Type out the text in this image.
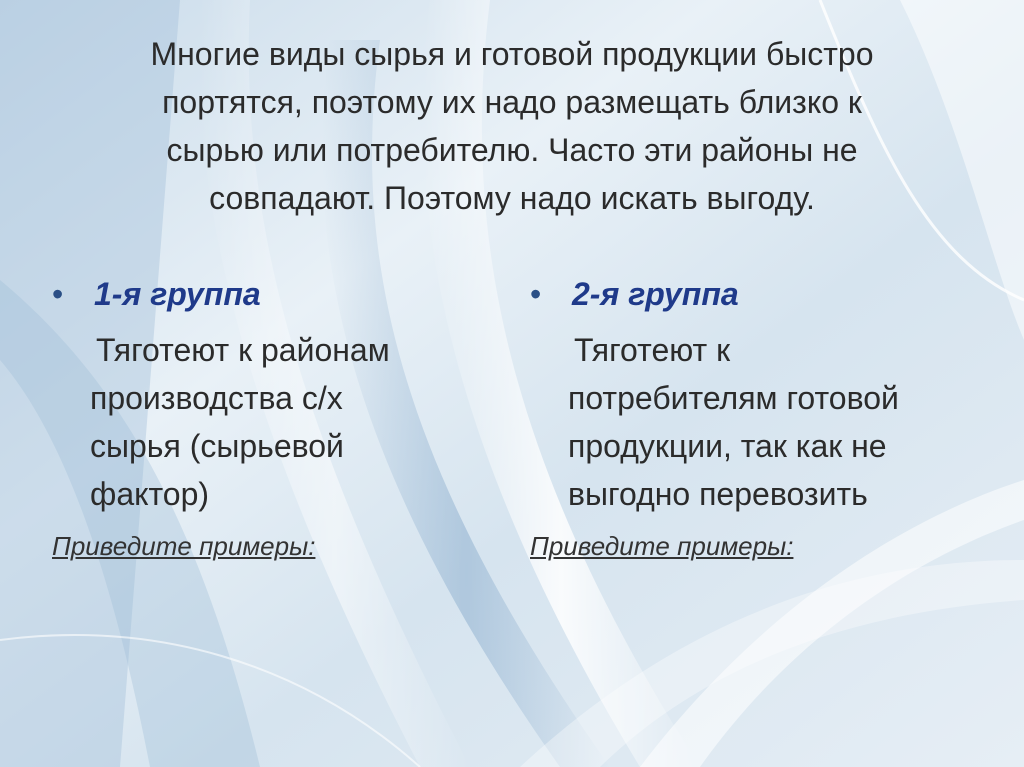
Многие виды сырья и готовой продукции быстро
портятся, поэтому их надо размещать близко к
сырью или потребителю. Часто эти районы не
совпадают. Поэтому надо искать выгоду.
• 1-я группа
Тяготеют к районам
производства с/х
сырья (сырьевой
фактор)
Приведите примеры:
• 2-я группа
Тяготеют к
потребителям готовой
продукции, так как не
выгодно перевозить
Приведите примеры:
